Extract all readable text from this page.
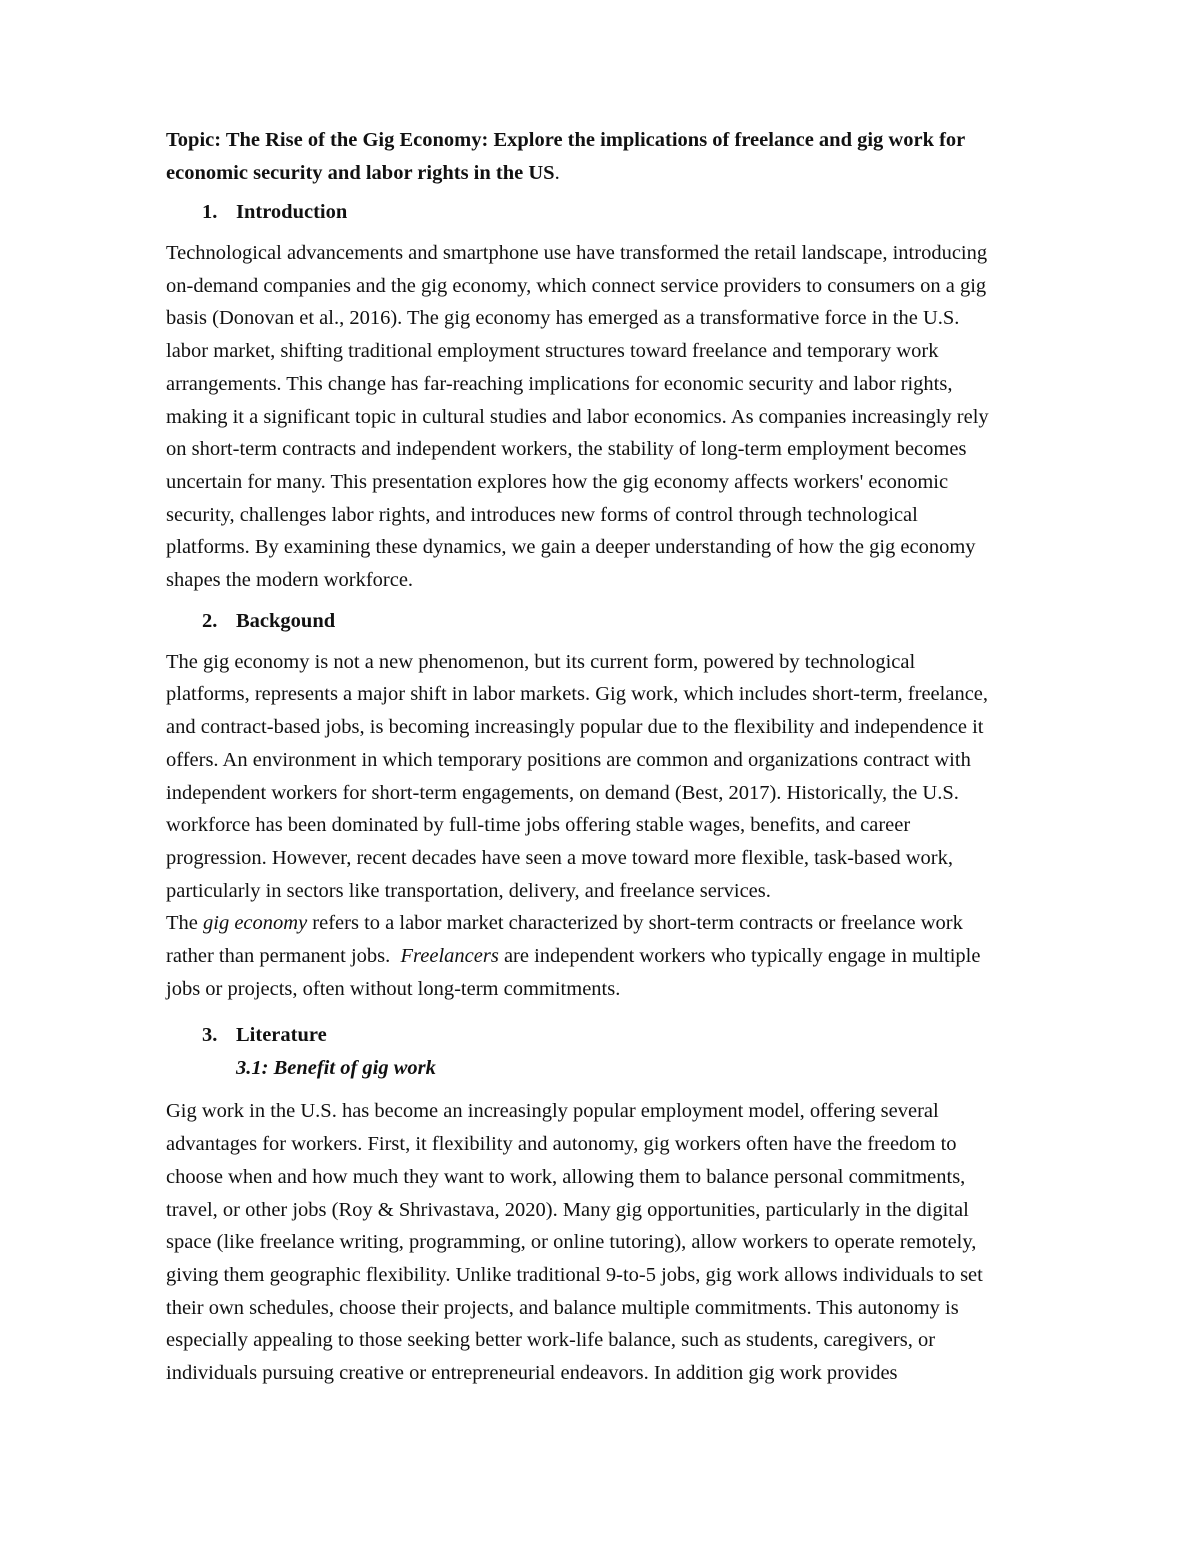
Topic: The Rise of the Gig Economy: Explore the implications of freelance and gig work for
economic security and labor rights in the US.

1. Introduction

Technological advancements and smartphone use have transformed the retail landscape, introducing
on-demand companies and the gig economy, which connect service providers to consumers on a gig
basis (Donovan et al., 2016). The gig economy has emerged as a transformative force in the U.S.
labor market, shifting traditional employment structures toward freelance and temporary work
arrangements. This change has far-reaching implications for economic security and labor rights,
making it a significant topic in cultural studies and labor economics. As companies increasingly rely
on short-term contracts and independent workers, the stability of long-term employment becomes
uncertain for many. This presentation explores how the gig economy affects workers' economic
security, challenges labor rights, and introduces new forms of control through technological
platforms. By examining these dynamics, we gain a deeper understanding of how the gig economy
shapes the modern workforce.

2. Backgound

The gig economy is not a new phenomenon, but its current form, powered by technological
platforms, represents a major shift in labor markets. Gig work, which includes short-term, freelance,
and contract-based jobs, is becoming increasingly popular due to the flexibility and independence it
offers. An environment in which temporary positions are common and organizations contract with
independent workers for short-term engagements, on demand (Best, 2017). Historically, the U.S.
workforce has been dominated by full-time jobs offering stable wages, benefits, and career
progression. However, recent decades have seen a move toward more flexible, task-based work,
particularly in sectors like transportation, delivery, and freelance services.

The gig economy refers to a labor market characterized by short-term contracts or freelance work
rather than permanent jobs.  Freelancers are independent workers who typically engage in multiple
jobs or projects, often without long-term commitments.

3. Literature
3.1: Benefit of gig work

Gig work in the U.S. has become an increasingly popular employment model, offering several
advantages for workers. First, it flexibility and autonomy, gig workers often have the freedom to
choose when and how much they want to work, allowing them to balance personal commitments,
travel, or other jobs (Roy & Shrivastava, 2020). Many gig opportunities, particularly in the digital
space (like freelance writing, programming, or online tutoring), allow workers to operate remotely,
giving them geographic flexibility. Unlike traditional 9-to-5 jobs, gig work allows individuals to set
their own schedules, choose their projects, and balance multiple commitments. This autonomy is
especially appealing to those seeking better work-life balance, such as students, caregivers, or
individuals pursuing creative or entrepreneurial endeavors. In addition gig work provides
